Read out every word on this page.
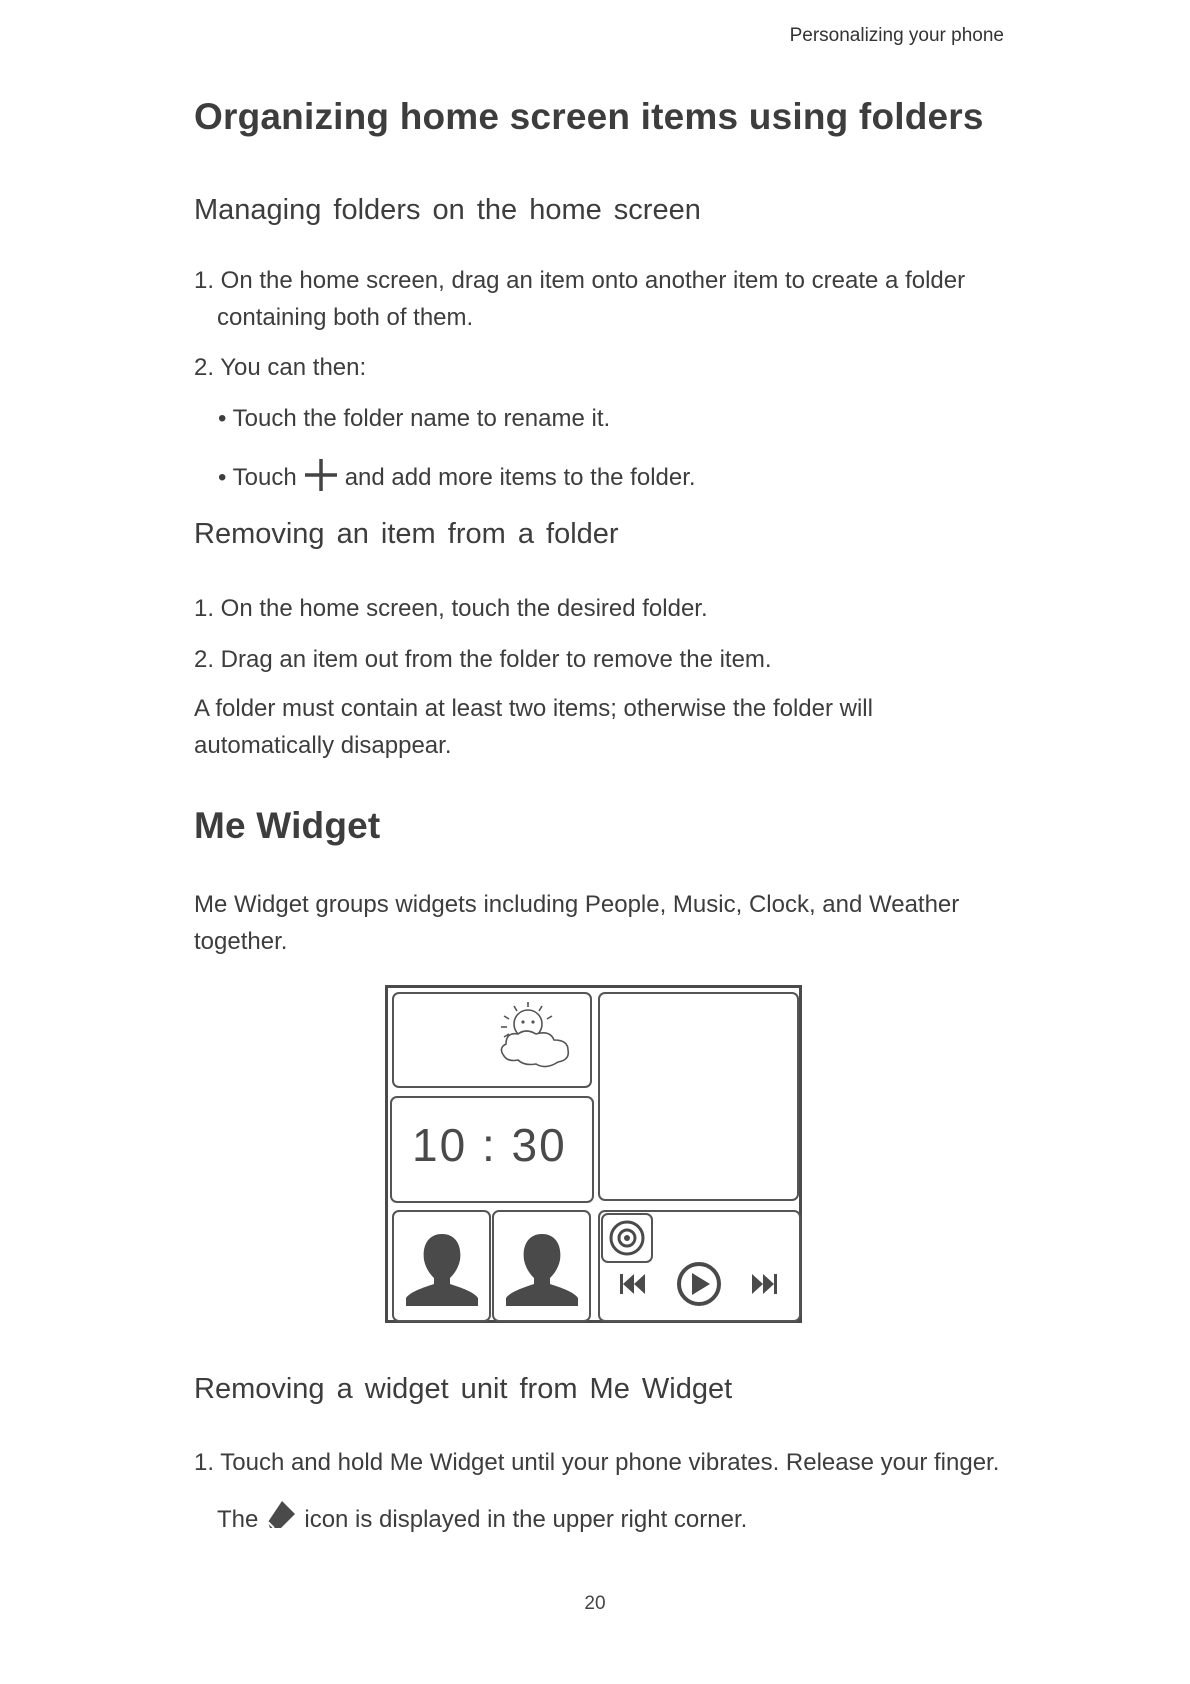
Personalizing your phone
Organizing home screen items using folders
Managing folders on the home screen
1. On the home screen, drag an item onto another item to create a folder
containing both of them.
2. You can then:
• Touch the folder name to rename it.
• Touch and add more items to the folder.
Removing an item from a folder
1. On the home screen, touch the desired folder.
2. Drag an item out from the folder to remove the item.
A folder must contain at least two items; otherwise the folder will
automatically disappear.
Me Widget
Me Widget groups widgets including People, Music, Clock, and Weather
together.
10 : 30
Removing a widget unit from Me Widget
1. Touch and hold Me Widget until your phone vibrates. Release your finger.
The icon is displayed in the upper right corner.
20
